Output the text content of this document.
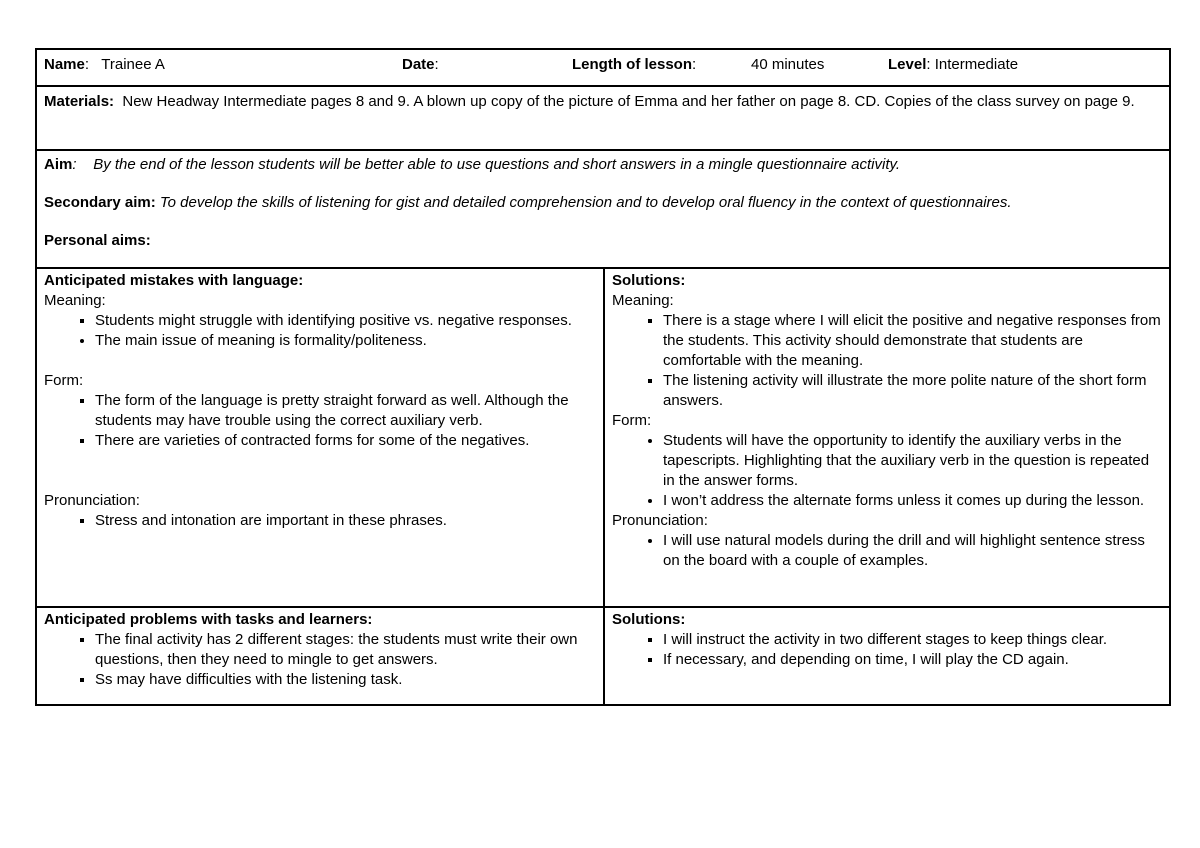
Name:   Trainee A	Date:	Length of lesson:	40 minutes	Level: Intermediate
Materials: New Headway Intermediate pages 8 and 9. A blown up copy of the picture of Emma and her father on page 8. CD. Copies of the class survey on page 9.

Aim: By the end of the lesson students will be better able to use questions and short answers in a mingle questionnaire activity.

Secondary aim: To develop the skills of listening for gist and detailed comprehension and to develop oral fluency in the context of questionnaires.

Personal aims:

Anticipated mistakes with language:
Meaning:
▪ Students might struggle with identifying positive vs. negative responses.
• The main issue of meaning is formality/politeness.
Form:
▪ The form of the language is pretty straight forward as well. Although the students may have trouble using the correct auxiliary verb.
▪ There are varieties of contracted forms for some of the negatives.
Pronunciation:
▪ Stress and intonation are important in these phrases.
Solutions:
Meaning:
▪ There is a stage where I will elicit the positive and negative responses from the students. This activity should demonstrate that students are comfortable with the meaning.
▪ The listening activity will illustrate the more polite nature of the short form answers.
Form:
• Students will have the opportunity to identify the auxiliary verbs in the tapescripts. Highlighting that the auxiliary verb in the question is repeated in the answer forms.
• I won’t address the alternate forms unless it comes up during the lesson.
Pronunciation:
• I will use natural models during the drill and will highlight sentence stress on the board with a couple of examples.
Anticipated problems with tasks and learners:
▪ The final activity has 2 different stages: the students must write their own questions, then they need to mingle to get answers.
▪ Ss may have difficulties with the listening task.
Solutions:
▪ I will instruct the activity in two different stages to keep things clear.
▪ If necessary, and depending on time, I will play the CD again.
